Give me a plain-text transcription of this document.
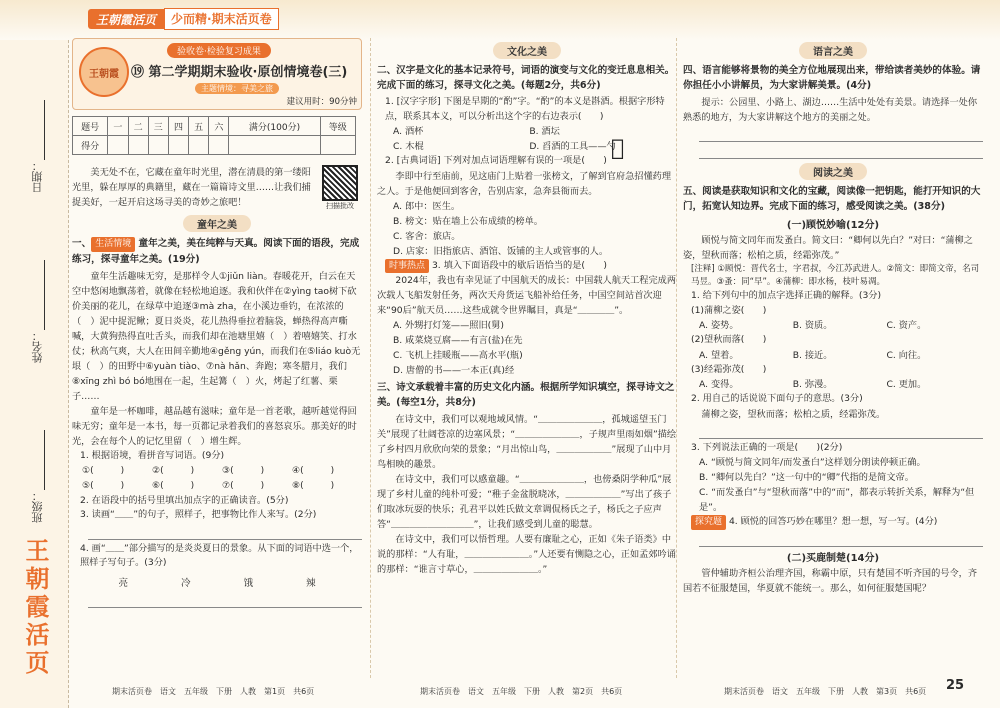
王朝霞活页	少而精·期末活页卷
日期：
姓名：
班级：
王朝霞活页
王朝霞
验收卷·检验复习成果
⑲ 第二学期期末验收·原创情境卷(三)
主题情境：寻美之旅
建议用时：90分钟
题号	一	二	三	四	五	六	满分(100分)	等级
得分								

美无处不在，它藏在童年时光里，潜在清晨的第一缕阳光里，躲在厚厚的典籍里，藏在一篇篇诗文里……让我们捕捉美好，一起开启这场寻美的奇妙之旅吧！	扫描批改
童年之美

一、 生活情境 童年之美，美在纯粹与天真。阅读下面的语段，完成练习，探寻童年之美。(19分)

童年生活趣味无穷，是那样令人①jiǔn liàn。春暖花开，白云在天空中悠闲地飘荡着，就像在轻松地追逐。我和伙伴在②yìng tao树下砍价美丽的花儿，在绿草中追逐③mà zha，在小溪边垂钓，在浓浓的（　）泥中捉泥鳅；夏日炎炎，花儿热得垂拉着脑袋，蝉热得高声嘶喊，大黄狗热得直吐舌头，而我们却在池塘里嬉（　）着嘻嬉笑、打水仗；秋高气爽，大人在田间辛勤地④gěng yún，而我们在⑤liáo kuò无垠（　）的田野中⑥yuàn tiào、⑦nà hǎn、奔跑；寒冬腊月，我们⑧xīng zhì bó bó地围在一起，生起篝（　）火，烤起了红薯、栗子……

童年是一杯咖啡，越品越有滋味；童年是一首老歌，越听越觉得回味无穷；童年是一本书，每一页都记录着我们的喜怒哀乐。那美好的时光，会在每个人的记忆里留（　）增生辉。

1. 根据语境，看拼音写词语。(9分)

①(　　　)	②(　　　)	③(　　　)	④(　　　)
⑤(　　　)	⑥(　　　)	⑦(　　　)	⑧(　　　)

2. 在语段中的括号里填出加点字的正确读音。(5分)

3. 读画“＿＿”的句子，照样子，把事物比作人来写。(2分)

4. 画“＿＿”部分描写的是炎炎夏日的景象。从下面的词语中选一个，照样子写句子。(3分)

亮	冷	饿	辣
文化之美

二、汉字是文化的基本记录符号，词语的演变与文化的变迁息息相关。完成下面的练习，探寻文化之美。(每题2分，共6分)

1. [汉字字形] 下图是早期的“酌”字。“酌”的本义是斟酒。根据字形特点，联系其本义，可以分析出这个字的右边表示(　　)

𠡠
A. 酒杯	B. 酒坛
C. 木棍	D. 舀酒的工具——勺

2. [古典词语] 下列对加点词语理解有误的一项是(　　)

李即中行至庙前，见这庙门上贴着一张榜文，了解到官府急招懂药理之人。于是他便回到客舍，告别店家，急奔县衙而去。

A. 郎中：医生。
B. 榜文：贴在墙上公布成绩的榜单。
C. 客舍：旅店。
D. 店家：旧指旅店、酒馆、饭铺的主人或管事的人。

时事热点 3. 填入下面语段中的歇后语恰当的是(　　)

2024年，我也有幸见证了中国航天的成长：中国载人航天工程完成两次载人飞船发射任务，两次天舟货运飞船补给任务，中国空间站首次迎来“90后”航天员……这些成就令世界瞩目，真是“＿＿＿＿”。

A. 外甥打灯笼——照旧(舅)
B. 咸菜烧豆腐——有言(盐)在先
C. 飞机上挂暖瓶——高水平(瓶)
D. 唐僧的书——一本正(真)经

三、诗文承载着丰富的历史文化内涵。根据所学知识填空，探寻诗文之美。(每空1分，共8分)

在诗文中，我们可以观地域风情。“＿＿＿＿＿＿＿，孤城遥望玉门关”展现了壮阔苍凉的边塞风景；“＿＿＿＿＿＿＿，子规声里雨如烟”描绘了乡村四月欣欣向荣的景象；“月出惊山鸟，＿＿＿＿＿＿”展现了山中月鸟相映的趣景。

在诗文中，我们可以感童趣。“＿＿＿＿＿＿＿，也傍桑阴学种瓜”展现了乡村儿童的纯朴可爱；“稚子金盆脱晓冰，＿＿＿＿＿＿”写出了孩子们取冰玩耍的快乐；孔君平以姓氏做文章调侃杨氏之子，杨氏之子应声答“＿＿＿＿＿＿＿＿＿”，让我们感受到儿童的聪慧。

在诗文中，我们可以悟哲理。人要有廉耻之心，正如《朱子语类》中说的那样：“人有耻，＿＿＿＿＿＿＿。”人还要有恻隐之心，正如孟郊吟诵的那样：“谁言寸草心，＿＿＿＿＿＿＿。”

语言之美

四、语言能够将景物的美全方位地展现出来，带给读者美妙的体验。请你担任小小讲解员，为大家讲解美景。(4分)

提示：公园里、小路上、湖边……生活中处处有美景。请选择一处你熟悉的地方，为大家讲解这个地方的美丽之处。

阅读之美

五、阅读是获取知识和文化的宝藏，阅读像一把钥匙，能打开知识的大门，拓宽认知边界。完成下面的练习，感受阅读之美。(38分)

(一)顾悦妙喻(12分)

顾悦与简文同年而发蚤白。简文曰：“卿何以先白？”对曰：“蒲柳之姿，望秋而落；松柏之质，经霜弥茂。”

[注释] ①顾悦：晋代名士，字君叔，今江苏武进人。②简文：即简文帝，名司马昱。③蚤：同“早”。④蒲柳：即水杨，枝叶易凋。

1. 给下列句中的加点字选择正确的解释。(3分)

(1)蒲柳之姿(　　)

A. 姿势。	B. 资质。	C. 资产。

(2)望秋而落(　　)

A. 望着。	B. 接近。	C. 向往。

(3)经霜弥茂(　　)

A. 变得。	B. 弥漫。	C. 更加。

2. 用自己的话说说下面句子的意思。(3分)

蒲柳之姿，望秋而落；松柏之质，经霜弥茂。

3. 下列说法正确的一项是(　　)(2分)

A. “顾悦与简文同年/而发蚤白”这样划分朗读停顿正确。
B. “卿何以先白？”这一句中的“卿”代指的是简文帝。
C. “而发蚤白”与“望秋而落”中的“而”，都表示转折关系，解释为“但是”。

探究题 4. 顾悦的回答巧妙在哪里？想一想，写一写。(4分)

(二)买鹿制楚(14分)

管仲辅助齐桓公治理齐国，称霸中原，只有楚国不听齐国的号令，齐国若不征服楚国，华夏就不能统一。那么，如何征服楚国呢？

期末活页卷　语文　五年级　下册　人教　第1页　共6页	期末活页卷　语文　五年级　下册　人教　第2页　共6页	期末活页卷　语文　五年级　下册　人教　第3页　共6页 25
